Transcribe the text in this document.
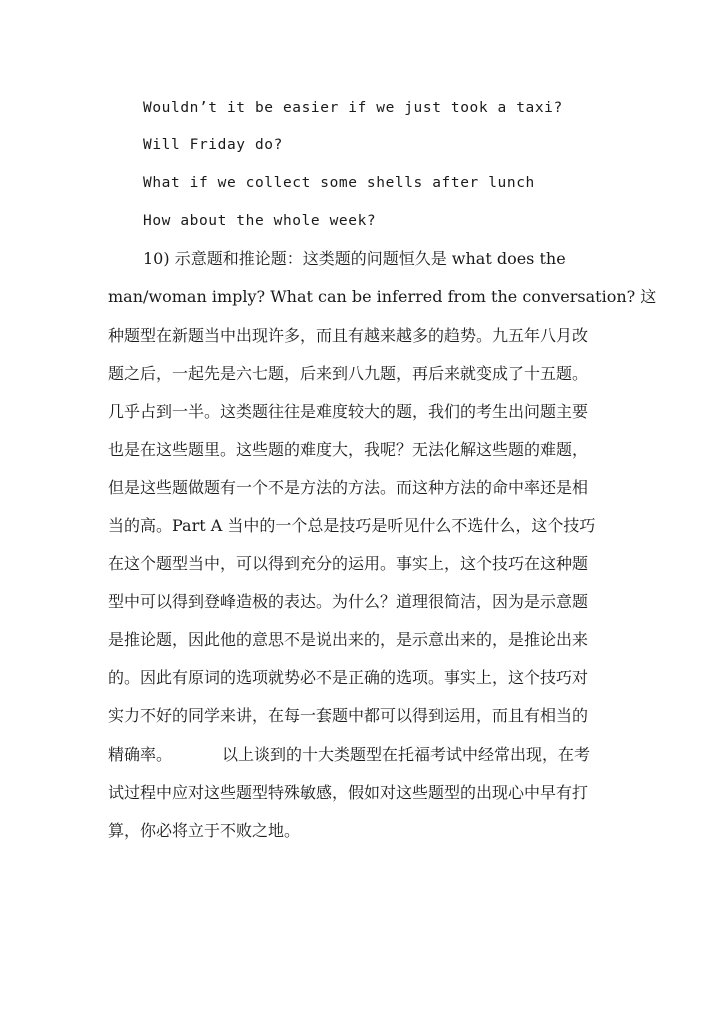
Wouldn’t it be easier if we just took a taxi?
Will Friday do?
What if we collect some shells after lunch
How about the whole week?
10) 示意题和推论题：这类题的问题恒久是 what does the
man/woman imply? What can be inferred from the conversation? 这
种题型在新题当中出现许多，而且有越来越多的趋势。九五年八月改
题之后，一起先是六七题，后来到八九题，再后来就变成了十五题。
几乎占到一半。这类题往往是难度较大的题，我们的考生出问题主要
也是在这些题里。这些题的难度大，我呢？无法化解这些题的难题，
但是这些题做题有一个不是方法的方法。而这种方法的命中率还是相
当的高。Part A 当中的一个总是技巧是听见什么不选什么，这个技巧
在这个题型当中，可以得到充分的运用。事实上，这个技巧在这种题
型中可以得到登峰造极的表达。为什么？道理很简洁，因为是示意题
是推论题，因此他的意思不是说出来的，是示意出来的，是推论出来
的。因此有原词的选项就势必不是正确的选项。事实上，这个技巧对
实力不好的同学来讲，在每一套题中都可以得到运用，而且有相当的
精确率。	以上谈到的十大类题型在托福考试中经常出现，在考
试过程中应对这些题型特殊敏感，假如对这些题型的出现心中早有打
算，你必将立于不败之地。
